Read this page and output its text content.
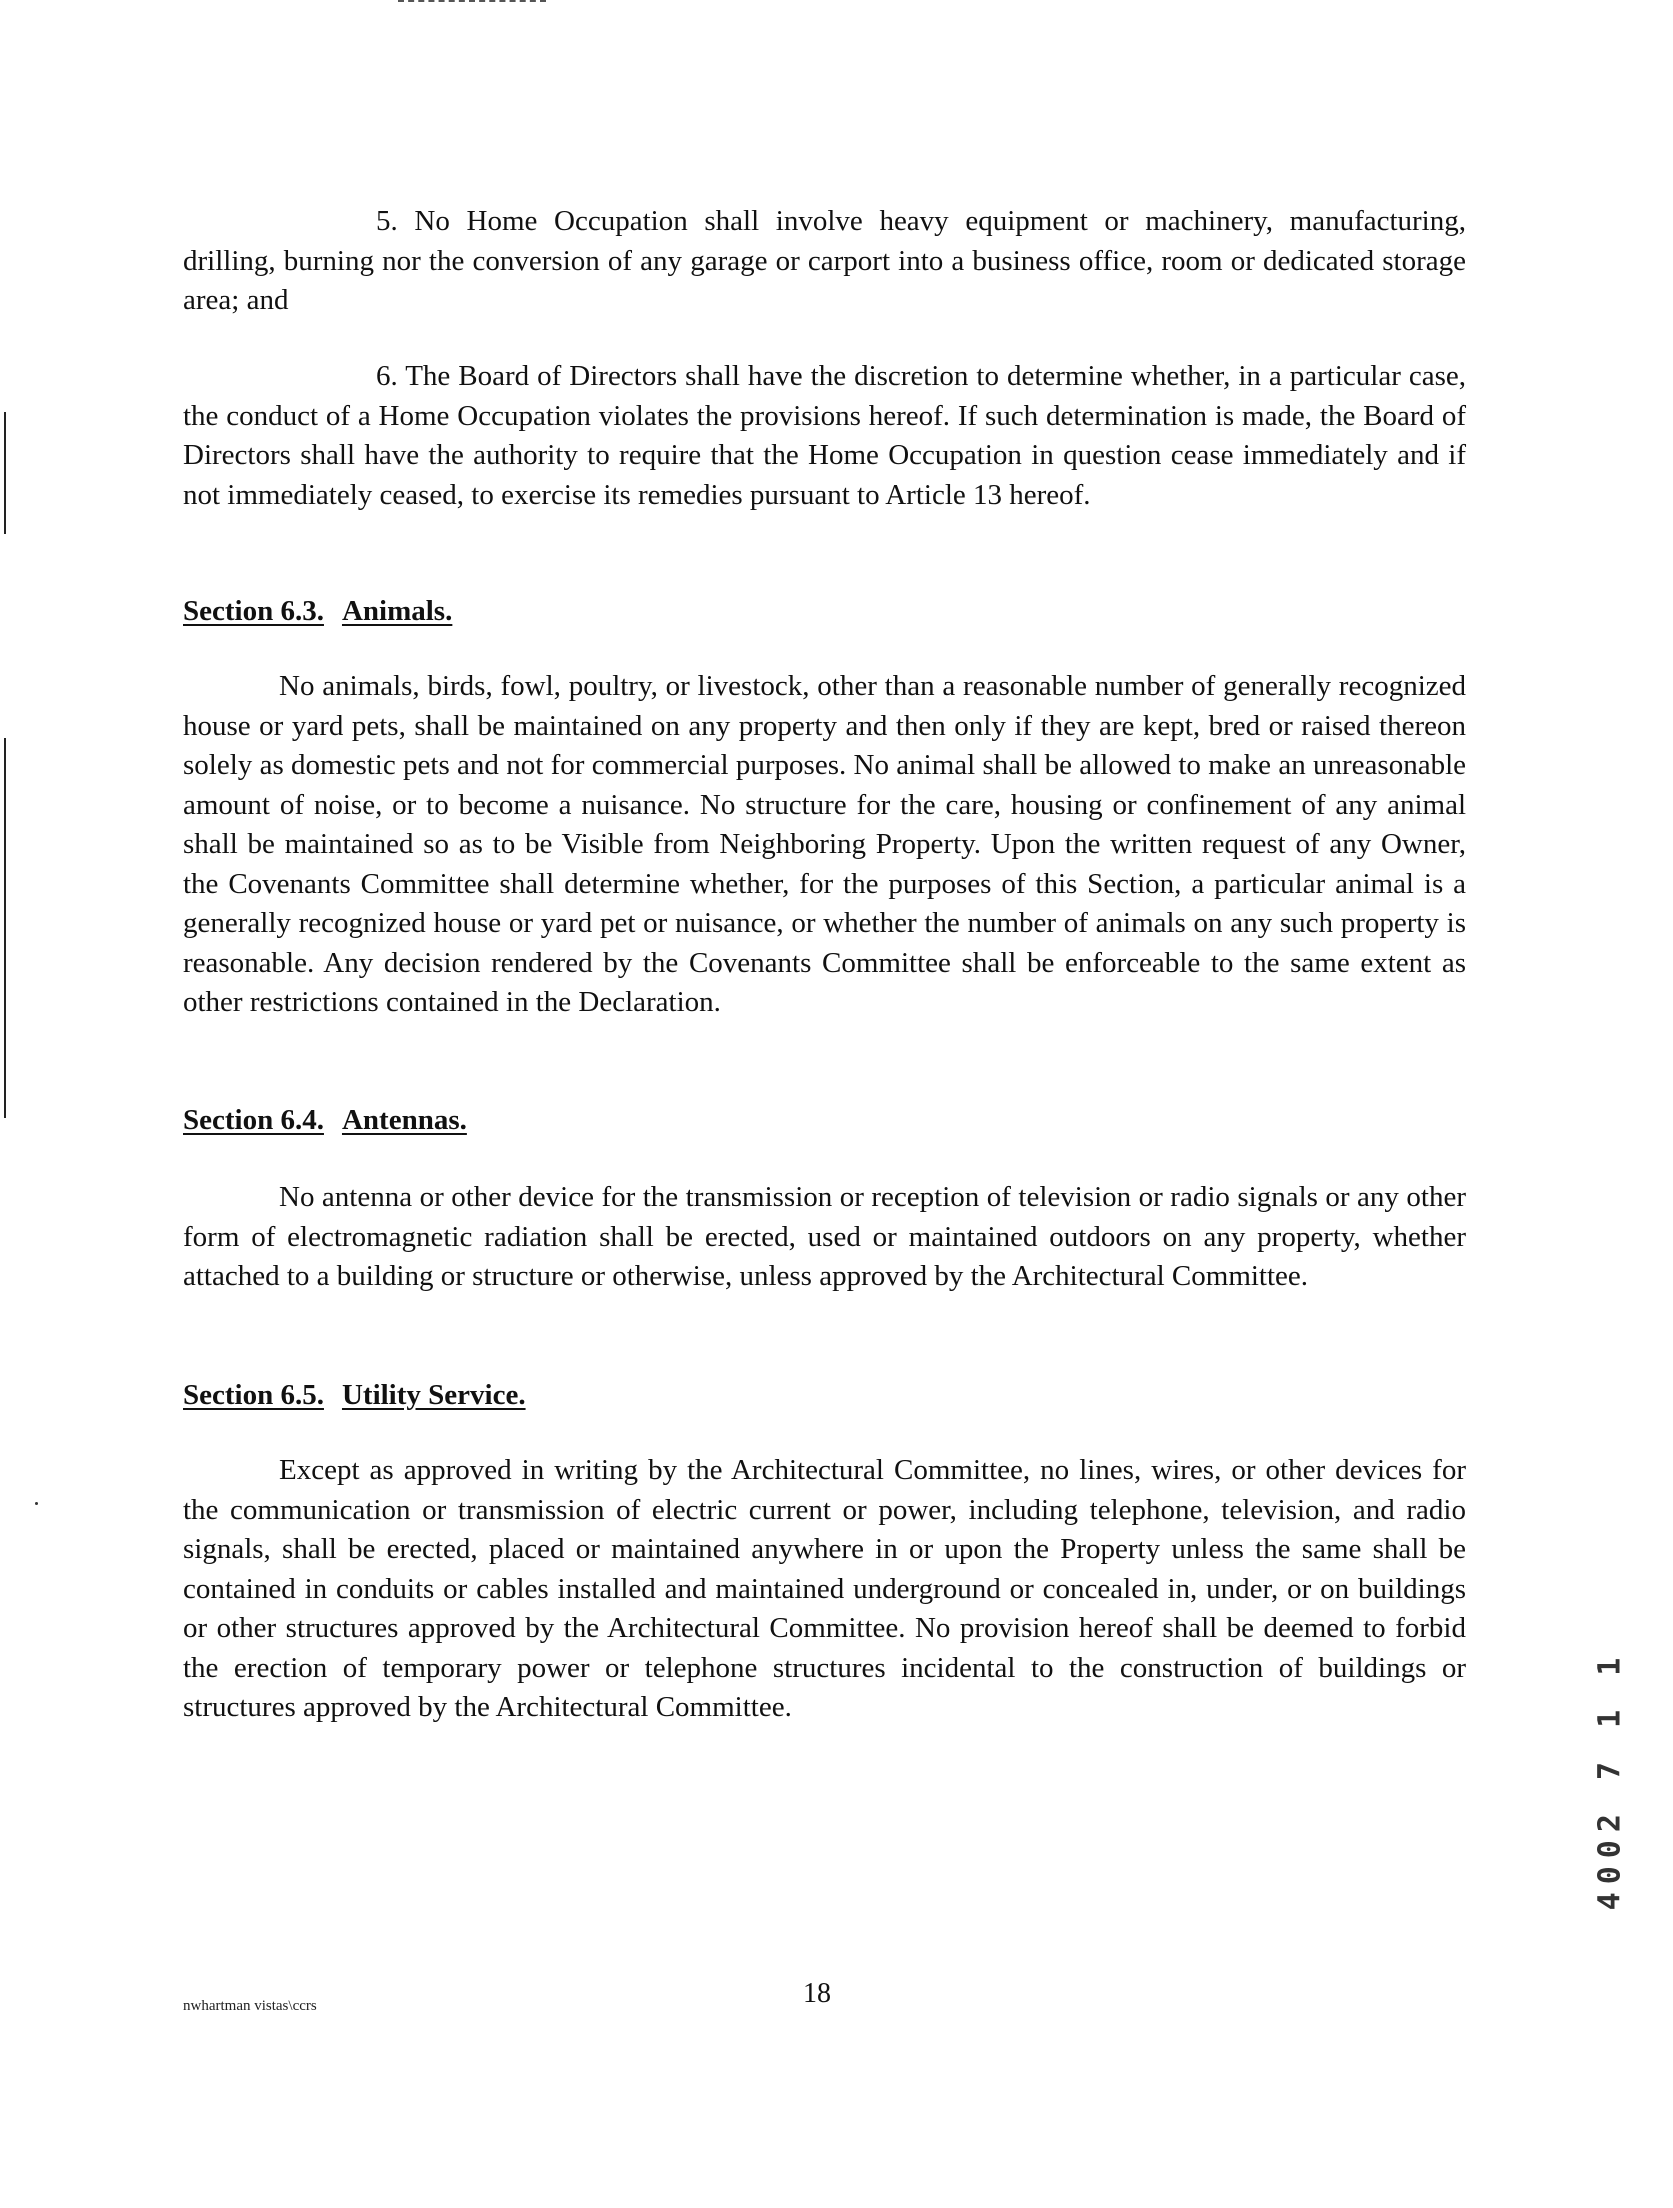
5. No Home Occupation shall involve heavy equipment or machinery, manufacturing, drilling, burning nor the conversion of any garage or carport into a business office, room or dedicated storage area; and

6. The Board of Directors shall have the discretion to determine whether, in a particular case, the conduct of a Home Occupation violates the provisions hereof. If such determination is made, the Board of Directors shall have the authority to require that the Home Occupation in question cease immediately and if not immediately ceased, to exercise its remedies pursuant to Article 13 hereof.

Section 6.3. Animals.

No animals, birds, fowl, poultry, or livestock, other than a reasonable number of generally recognized house or yard pets, shall be maintained on any property and then only if they are kept, bred or raised thereon solely as domestic pets and not for commercial purposes. No animal shall be allowed to make an unreasonable amount of noise, or to become a nuisance. No structure for the care, housing or confinement of any animal shall be maintained so as to be Visible from Neighboring Property. Upon the written request of any Owner, the Covenants Committee shall determine whether, for the purposes of this Section, a particular animal is a generally recognized house or yard pet or nuisance, or whether the number of animals on any such property is reasonable. Any decision rendered by the Covenants Committee shall be enforceable to the same extent as other restrictions contained in the Declaration.

Section 6.4. Antennas.

No antenna or other device for the transmission or reception of television or radio signals or any other form of electromagnetic radiation shall be erected, used or maintained outdoors on any property, whether attached to a building or structure or otherwise, unless approved by the Architectural Committee.

Section 6.5. Utility Service.

Except as approved in writing by the Architectural Committee, no lines, wires, or other devices for the communication or transmission of electric current or power, including telephone, television, and radio signals, shall be erected, placed or maintained anywhere in or upon the Property unless the same shall be contained in conduits or cables installed and maintained underground or concealed in, under, or on buildings or other structures approved by the Architectural Committee. No provision hereof shall be deemed to forbid the erection of temporary power or telephone structures incidental to the construction of buildings or structures approved by the Architectural Committee.

nwhartman vistas\ccrs	18
4002 7 1 1
